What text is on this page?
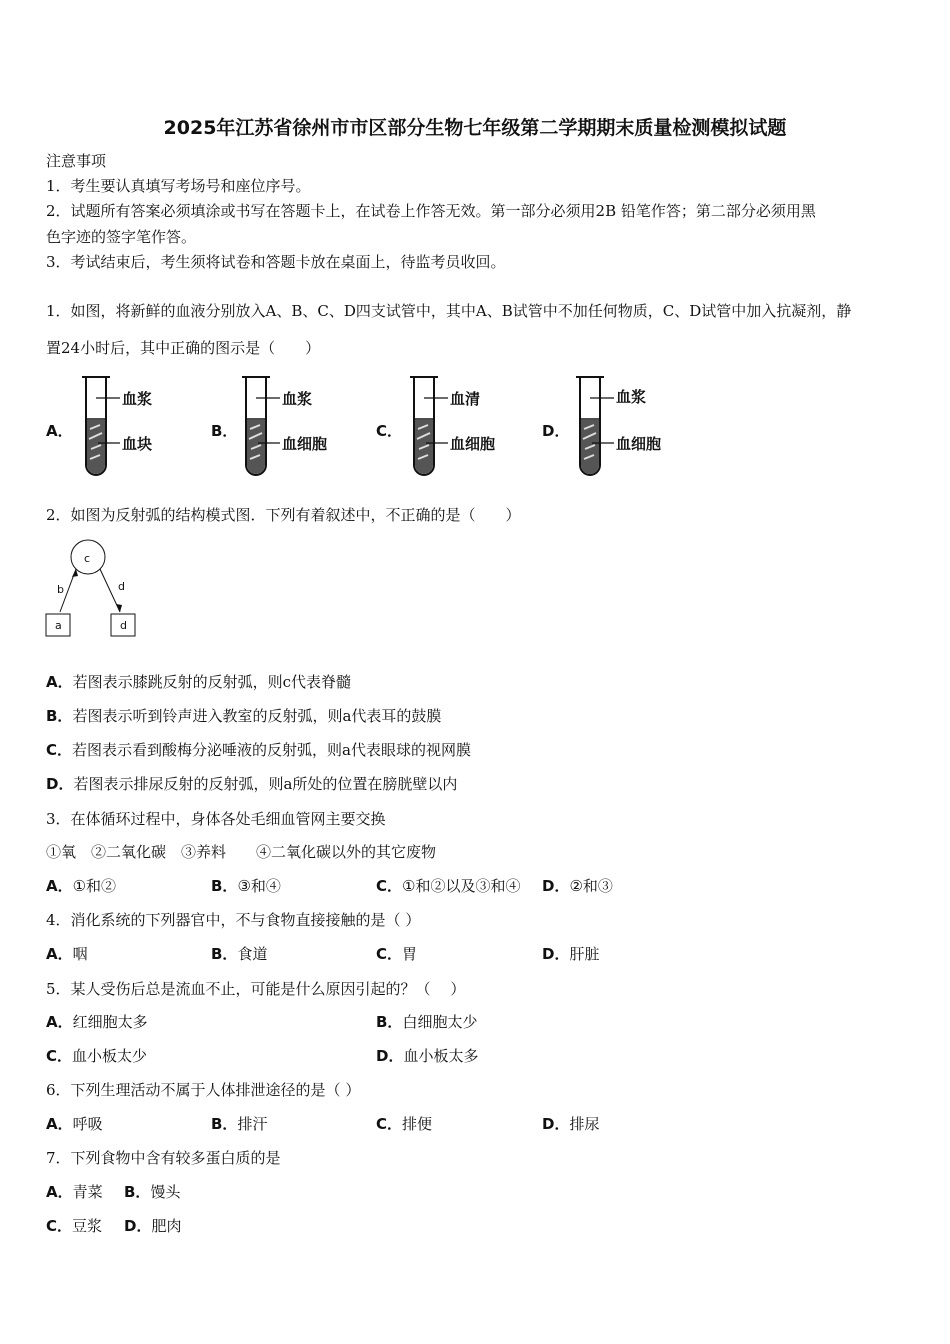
2025年江苏省徐州市市区部分生物七年级第二学期期末质量检测模拟试题
注意事项
1．考生要认真填写考场号和座位序号。
2．试题所有答案必须填涂或书写在答题卡上，在试卷上作答无效。第一部分必须用2B 铅笔作答；第二部分必须用黑
色字迹的签字笔作答。
3．考试结束后，考生须将试卷和答题卡放在桌面上，待监考员收回。
1．如图，将新鲜的血液分别放入A、B、C、D四支试管中，其中A、B试管中不加任何物质，C、D试管中加入抗凝剂，静
置24小时后，其中正确的图示是（　　）
A．
血浆
血块
B．
血浆
血细胞
C．
血清
血细胞
D．
血浆
血细胞
2．如图为反射弧的结构模式图．下列有着叙述中，不正确的是（　　）
c
b	d
a	d
A．若图表示膝跳反射的反射弧，则c代表脊髓
B．若图表示听到铃声进入教室的反射弧，则a代表耳的鼓膜
C．若图表示看到酸梅分泌唾液的反射弧，则a代表眼球的视网膜
D．若图表示排尿反射的反射弧，则a所处的位置在膀胱壁以内
3．在体循环过程中，身体各处毛细血管网主要交换
①氧　②二氧化碳　③养料　　④二氧化碳以外的其它废物
A．①和②	B．③和④	C．①和②以及③和④ D．②和③
4．消化系统的下列器官中，不与食物直接接触的是（ ）
A．咽	B．食道	C．胃	D．肝脏
5．某人受伤后总是流血不止，可能是什么原因引起的？（　 ）
A．红细胞太多	B．白细胞太少
C．血小板太少	D．血小板太多
6．下列生理活动不属于人体排泄途径的是（ ）
A．呼吸	B．排汗	C．排便	D．排尿
7．下列食物中含有较多蛋白质的是
A．青菜 B．馒头
C．豆浆 D．肥肉
